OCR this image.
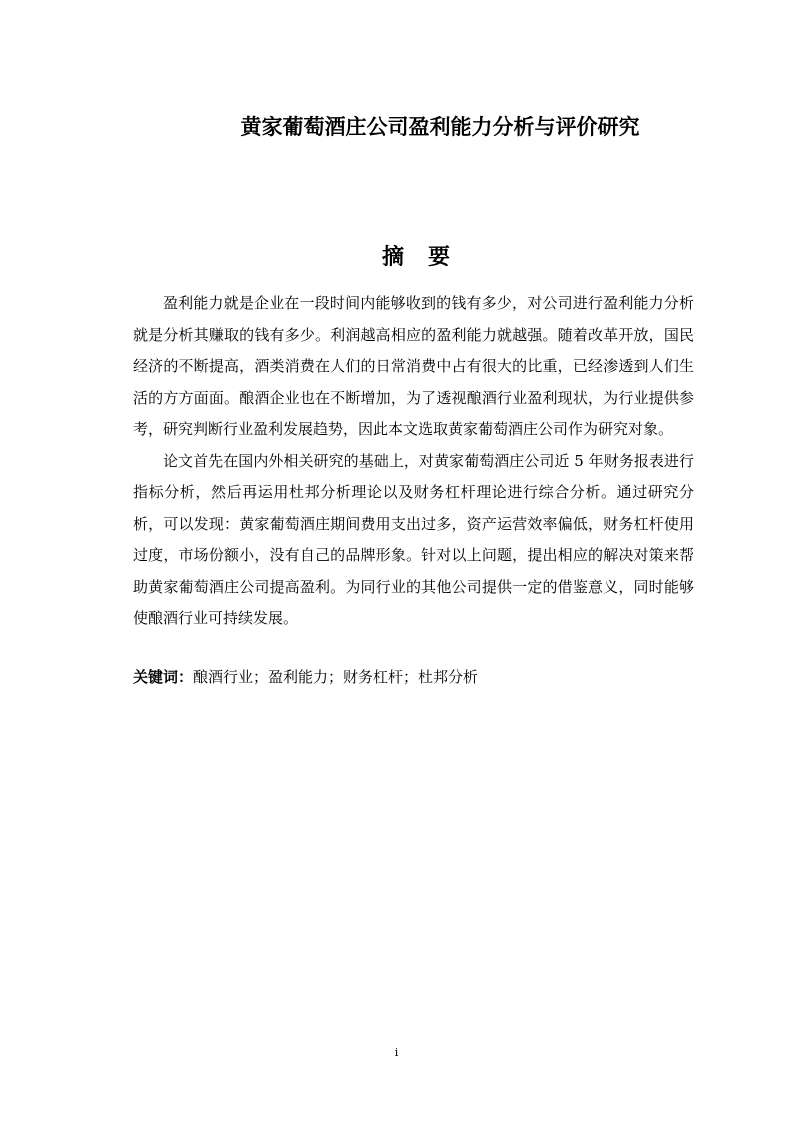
黄家葡萄酒庄公司盈利能力分析与评价研究
摘要

盈利能力就是企业在一段时间内能够收到的钱有多少，对公司进行盈利能力分析就是分析其赚取的钱有多少。利润越高相应的盈利能力就越强。随着改革开放，国民经济的不断提高，酒类消费在人们的日常消费中占有很大的比重，已经渗透到人们生活的方方面面。酿酒企业也在不断增加，为了透视酿酒行业盈利现状，为行业提供参考，研究判断行业盈利发展趋势，因此本文选取黄家葡萄酒庄公司作为研究对象。

论文首先在国内外相关研究的基础上，对黄家葡萄酒庄公司近 5 年财务报表进行指标分析，然后再运用杜邦分析理论以及财务杠杆理论进行综合分析。通过研究分析，可以发现：黄家葡萄酒庄期间费用支出过多，资产运营效率偏低，财务杠杆使用过度，市场份额小，没有自己的品牌形象。针对以上问题，提出相应的解决对策来帮助黄家葡萄酒庄公司提高盈利。为同行业的其他公司提供一定的借鉴意义，同时能够使酿酒行业可持续发展。

关键词：酿酒行业；盈利能力；财务杠杆；杜邦分析

i
